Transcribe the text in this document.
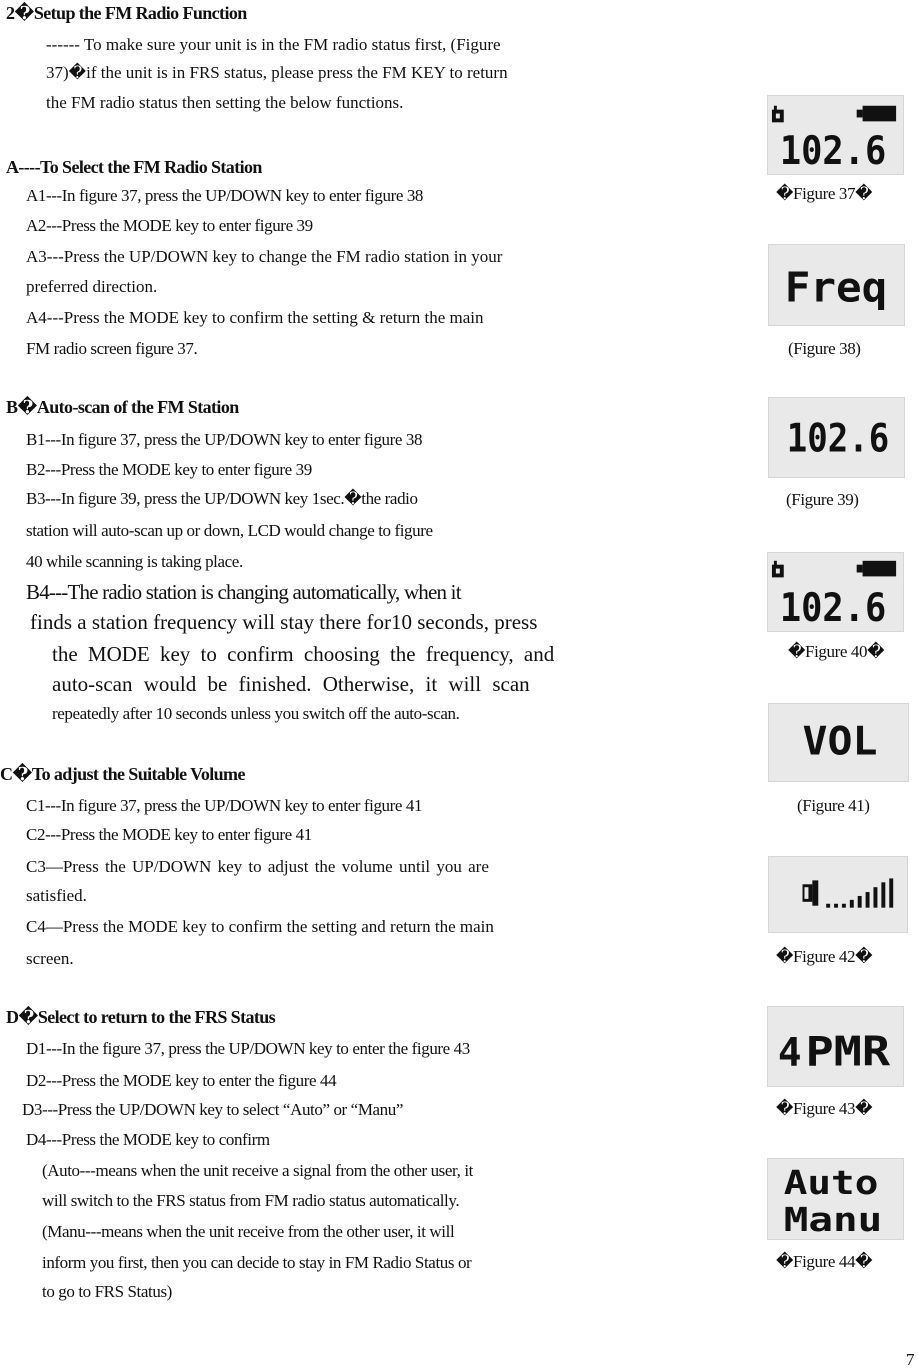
2�Setup the FM Radio Function
------ To make sure your unit is in the FM radio status first, (Figure
37)�if the unit is in FRS status, please press the FM KEY to return
the FM radio status then setting the below functions.
A----To Select the FM Radio Station
A1---In figure 37, press the UP/DOWN key to enter figure 38
A2---Press the MODE key to enter figure 39
A3---Press the UP/DOWN key to change the FM radio station in your
preferred direction.
A4---Press the MODE key to confirm the setting & return the main
FM radio screen figure 37.
B�Auto-scan of the FM Station
B1---In figure 37, press the UP/DOWN key to enter figure 38
B2---Press the MODE key to enter figure 39
B3---In figure 39, press the UP/DOWN key 1sec.�the radio
station will auto-scan up or down, LCD would change to figure
40 while scanning is taking place.
B4---The radio station is changing automatically, when it
finds a station frequency will stay there for10 seconds, press
the MODE key to confirm choosing the frequency, and
auto-scan would be finished. Otherwise, it will scan
repeatedly after 10 seconds unless you switch off the auto-scan.
C�To adjust the Suitable Volume
C1---In figure 37, press the UP/DOWN key to enter figure 41
C2---Press the MODE key to enter figure 41
C3—Press the UP/DOWN key to adjust the volume until you are
satisfied.
C4—Press the MODE key to confirm the setting and return the main
screen.
D�Select to return to the FRS Status
D1---In the figure 37, press the UP/DOWN key to enter the figure 43
D2---Press the MODE key to enter the figure 44
D3---Press the UP/DOWN key to select “Auto” or “Manu”
D4---Press the MODE key to confirm
(Auto---means when the unit receive a signal from the other user, it
will switch to the FRS status from FM radio status automatically.
(Manu---means when the unit receive from the other user, it will
inform you first, then you can decide to stay in FM Radio Status or
to go to FRS Status)
102.6
�Figure 37�
Freq
(Figure 38)
102.6
(Figure 39)
102.6
�Figure 40�
VOL
(Figure 41)
�Figure 42�
4 PMR
�Figure 43�
Auto
Manu
�Figure 44�
7
